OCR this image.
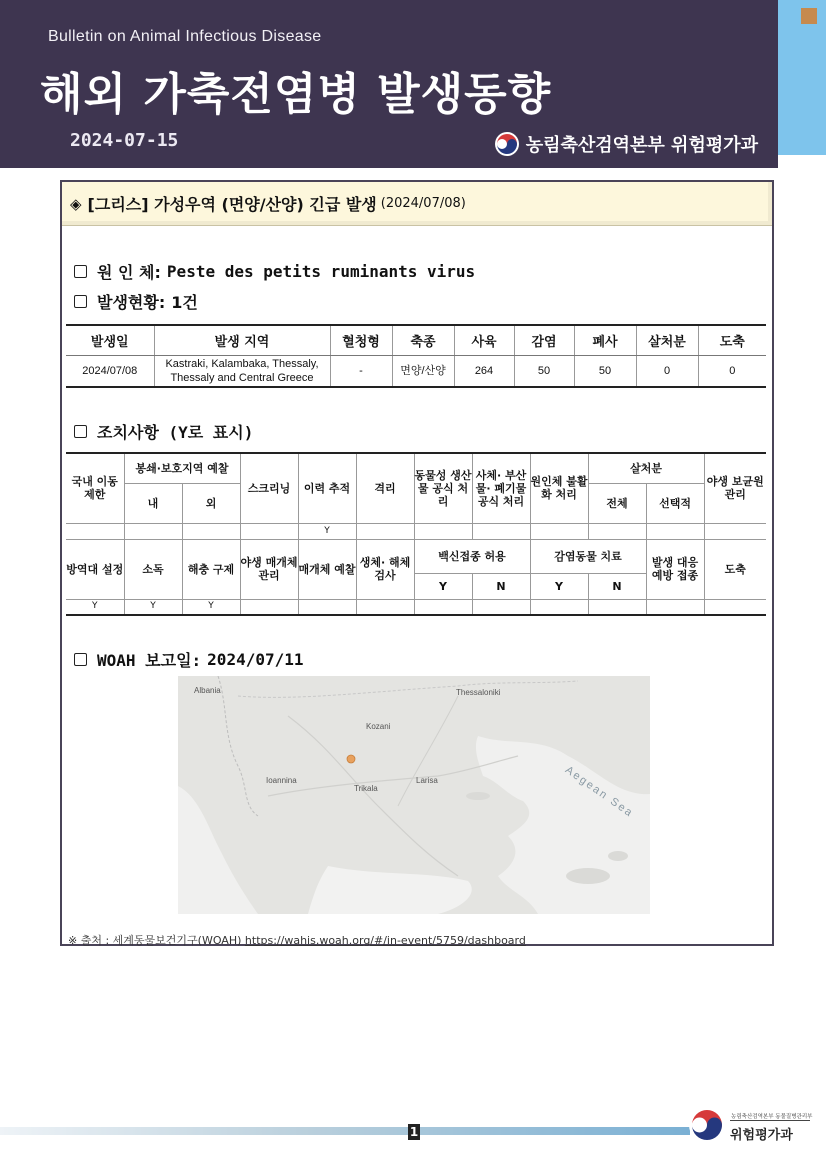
Bulletin on Animal Infectious Disease
해외 가축전염병 발생동향
2024-07-15	농림축산검역본부 위험평가과
◈ [그리스] 가성우역 (면양/산양) 긴급 발생 (2024/07/08)
원 인 체: Peste des petits ruminants virus
발생현황: 1건
발생일	발생 지역	혈청형	축종	사육	감염	폐사	살처분	도축
2024/07/08	Kastraki, Kalambaka, Thessaly, Thessaly and Central Greece	-	면양/산양	264	50	50	0	0
조치사항 (Y로 표시)
국내 이동 제한	봉쇄·보호지역 예찰		스크리닝	이력 추적	격리	동물성 생산물 공식 처리	사체· 부산물· 폐기물 공식 처리	원인체 불활화 처리	살처분		야생 보균원 관리
	내	외							전체	선택적	
				Y							
방역대 설정	소독	해충 구제	야생 매개체 관리	매개체 예찰	생체· 해체 검사	백신접종 허용		감염동물 치료		발생 대응 예방 접종	도축
						Y	N	Y	N		
Y	Y	Y									
WOAH 보고일: 2024/07/11
Albania	Thessaloniki
Larisa
Trikala
Ioannina
Kozani
Aegean Sea
※ 출처 : 세계동물보건기구(WOAH) https://wahis.woah.org/#/in-event/5759/dashboard
1
농림축산검역본부 동물질병관리부
위험평가과
